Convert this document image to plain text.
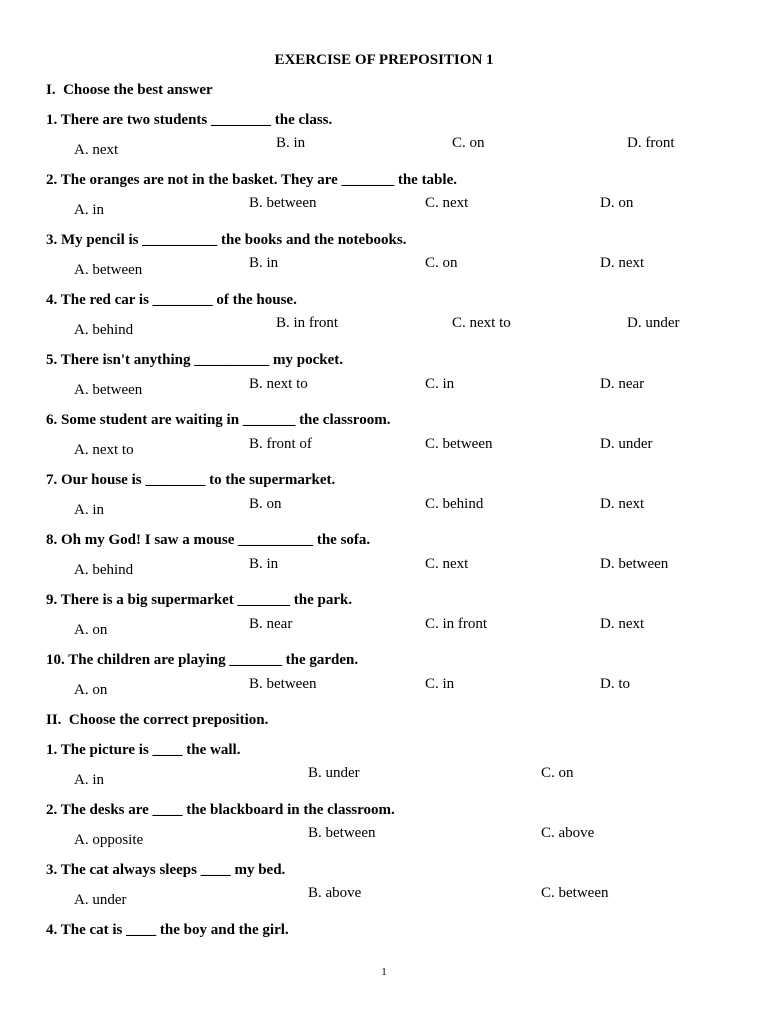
EXERCISE OF PREPOSITION 1
I.  Choose the best answer
1. There are two students ________ the class.
A. next	B. in	C. on	D. front
2. The oranges are not in the basket. They are _______ the table.
A. in	B. between	C. next	D. on
3. My pencil is __________ the books and the notebooks.
A. between	B. in	C. on	D. next
4. The red car is ________ of the house.
A. behind	B. in front	C. next to	D. under
5. There isn't anything __________ my pocket.
A. between	B. next to	C. in	D. near
6. Some student are waiting in _______ the classroom.
A. next to	B. front of	C. between	D. under
7. Our house is ________ to the supermarket.
A. in	B. on	C. behind	D. next
8. Oh my God! I saw a mouse __________ the sofa.
A. behind	B. in	C. next	D. between
9. There is a big supermarket _______ the park.
A. on	B. near	C. in front	D. next
10. The children are playing _______ the garden.
A. on	B. between	C. in	D. to
II.  Choose the correct preposition.
1. The picture is ____ the wall.
A. in	B. under	C. on
2. The desks are ____ the blackboard in the classroom.
A. opposite	B. between	C. above
3. The cat always sleeps ____ my bed.
A. under	B. above	C. between
4. The cat is ____ the boy and the girl.
1
